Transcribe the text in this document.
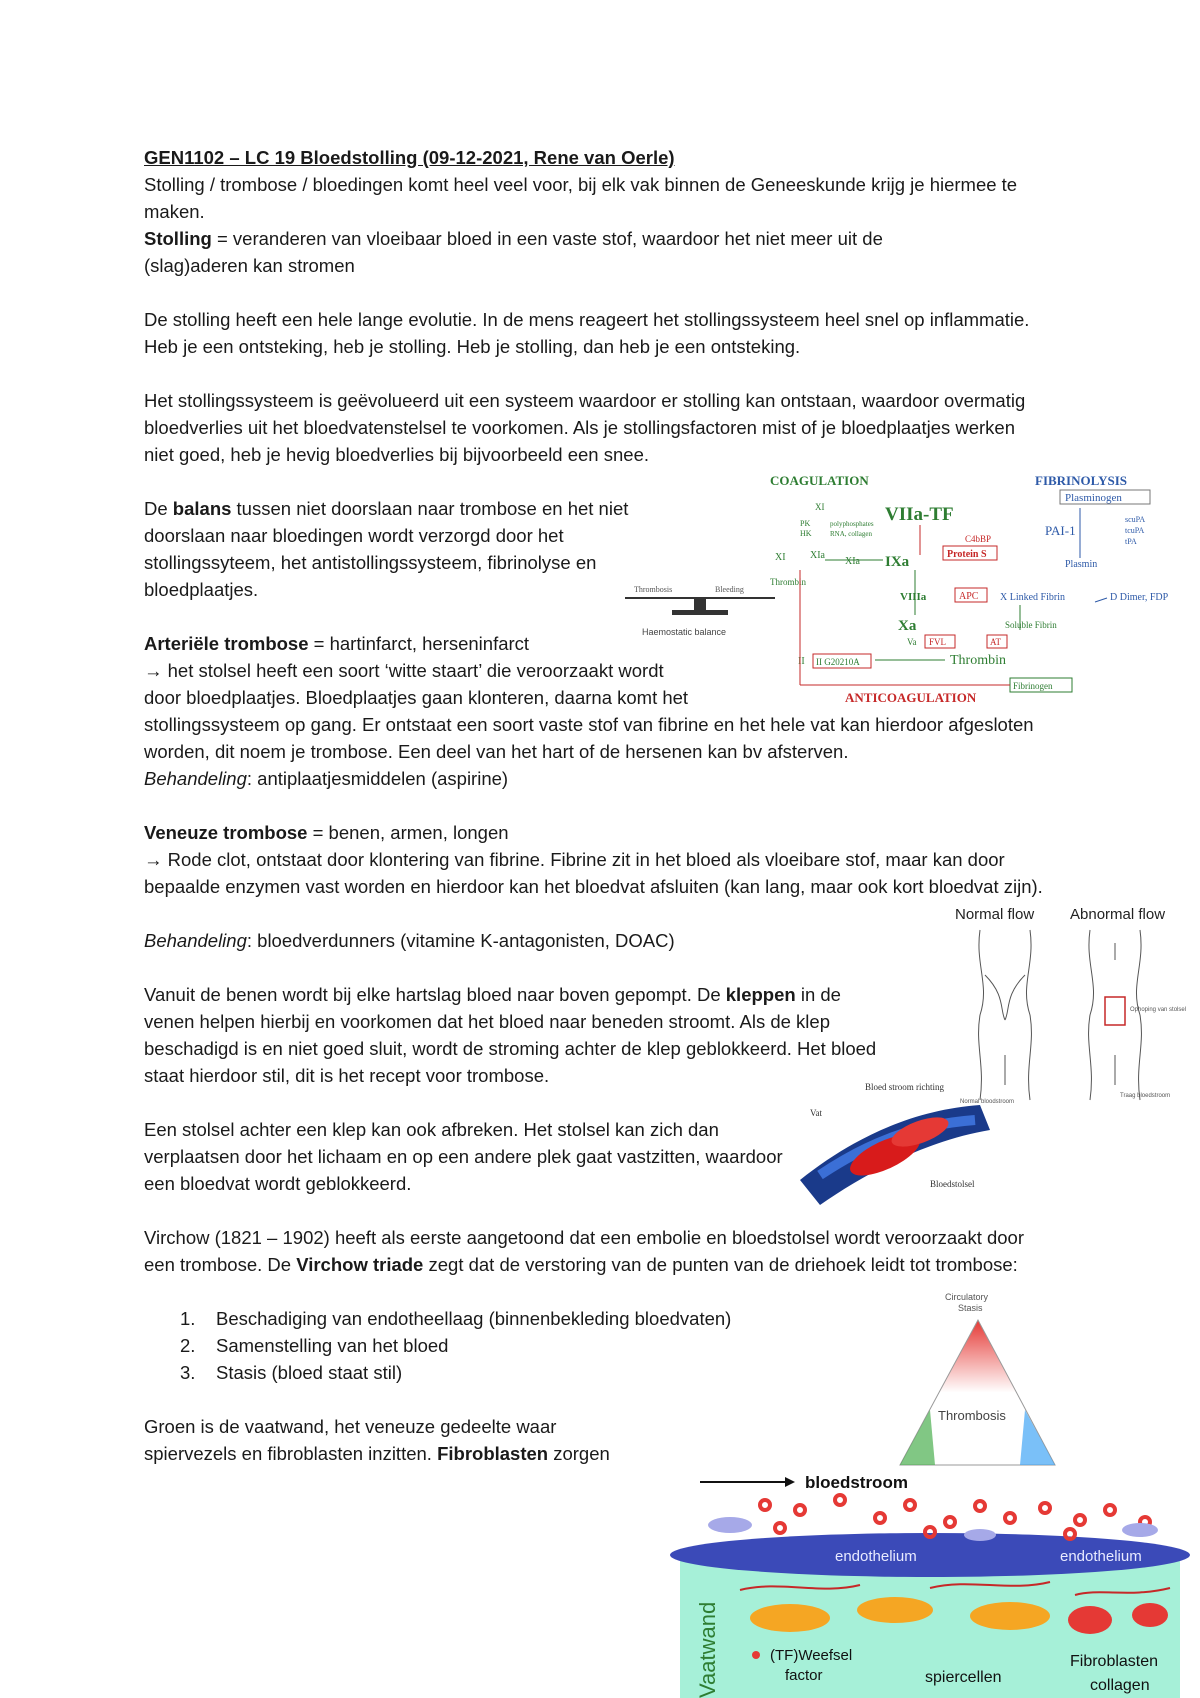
GEN1102 – LC 19 Bloedstolling (09-12-2021, Rene van Oerle)
Stolling / trombose / bloedingen komt heel veel voor, bij elk vak binnen de Geneeskunde krijg je hiermee te maken.
Stolling = veranderen van vloeibaar bloed in een vaste stof, waardoor het niet meer uit de (slag)aderen kan stromen
De stolling heeft een hele lange evolutie. In de mens reageert het stollingssysteem heel snel op inflammatie. Heb je een ontsteking, heb je stolling. Heb je stolling, dan heb je een ontsteking.
Het stollingssysteem is geëvolueerd uit een systeem waardoor er stolling kan ontstaan, waardoor overmatig bloedverlies uit het bloedvatenstelsel te voorkomen. Als je stollingsfactoren mist of je bloedplaatjes werken niet goed, heb je hevig bloedverlies bij bijvoorbeeld een snee.
De balans tussen niet doorslaan naar trombose en het niet doorslaan naar bloedingen wordt verzorgd door het stollingssyteem, het antistollingssysteem, fibrinolyse en bloedplaatjes.
Arteriële trombose = hartinfarct, herseninfarct
→ het stolsel heeft een soort ‘witte staart’ die veroorzaakt wordt
door bloedplaatjes. Bloedplaatjes gaan klonteren, daarna komt het
stollingssysteem op gang. Er ontstaat een soort vaste stof van fibrine en het hele vat kan hierdoor afgesloten worden, dit noem je trombose. Een deel van het hart of de hersenen kan bv afsterven.
Behandeling: antiplaatjesmiddelen (aspirine)
Veneuze trombose = benen, armen, longen
→ Rode clot, ontstaat door klontering van fibrine. Fibrine zit in het bloed als vloeibare stof, maar kan door bepaalde enzymen vast worden en hierdoor kan het bloedvat afsluiten (kan lang, maar ook kort bloedvat zijn).
Behandeling: bloedverdunners (vitamine K-antagonisten, DOAC)
Vanuit de benen wordt bij elke hartslag bloed naar boven gepompt. De kleppen in de
venen helpen hierbij en voorkomen dat het bloed naar beneden stroomt. Als de klep beschadigd is en niet goed sluit, wordt de stroming achter de klep geblokkeerd. Het bloed staat hierdoor stil, dit is het recept voor trombose.
Een stolsel achter een klep kan ook afbreken. Het stolsel kan zich dan verplaatsen door het lichaam en op een andere plek gaat vastzitten, waardoor een bloedvat wordt geblokkeerd.
Virchow (1821 – 1902) heeft als eerste aangetoond dat een embolie en bloedstolsel wordt veroorzaakt door een trombose. De Virchow triade zegt dat de verstoring van de punten van de driehoek leidt tot trombose:
1. Beschadiging van endotheellaag (binnenbekleding bloedvaten)
2. Samenstelling van het bloed
3. Stasis (bloed staat stil)
Groen is de vaatwand, het veneuze gedeelte waar
spiervezels en fibroblasten inzitten. Fibroblasten zorgen
COAGULATION	FIBRINOLYSIS
Plasminogen
XI	VIIa-TF
PK
HK
polyphosphates
RNA, collagen	C4bBP
Protein S
XI XIa
XIa IXa
Thrombin
PAI-1
scuPA
tcuPA
tPA
Plasmin
VIIIa	APC X Linked Fibrin	D Dimer, FDP
Xa	Soluble Fibrin
Va FVL	AT
II II G20210A	Thrombin
ANTICOAGULATION
Fibrinogen
Thrombosis	Bleeding
Haemostatic balance
Normal flow Abnormal flow
Ophoping van stolsel
Normal bloodstroom
Traag bloedstroom
Bloed stroom richting
Vat
Bloedstolsel
Circulatory
Stasis
Thrombosis
bloedstroom
endothelium	endothelium
Vaatwand	(TF)Weefsel
factor	spiercellen
Fibroblasten
collagen
